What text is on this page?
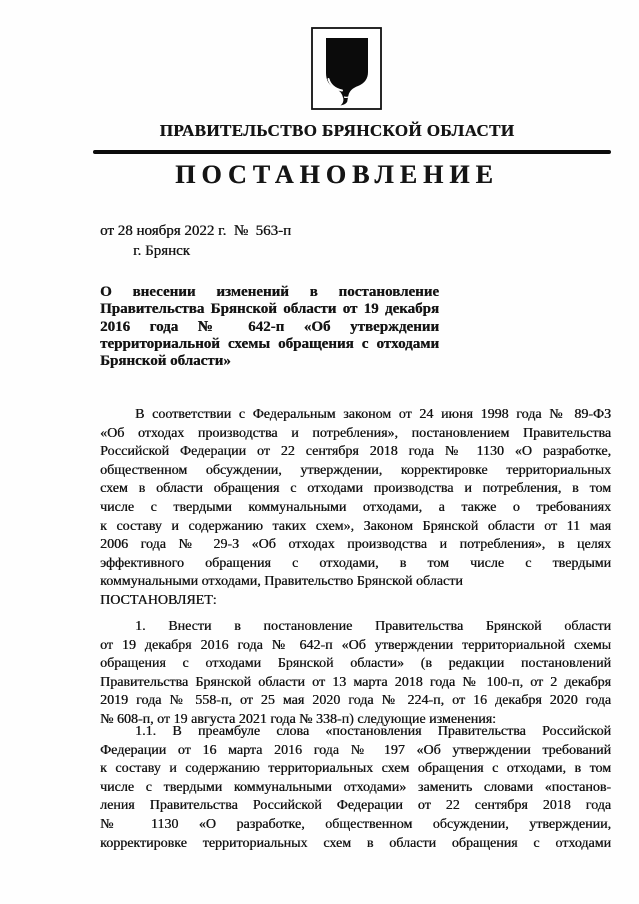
ПРАВИТЕЛЬСТВО БРЯНСКОЙ ОБЛАСТИ
ПОСТАНОВЛЕНИЕ
от 28 ноября 2022 г.  №  563-п
г. Брянск
О внесении изменений в постановление
Правительства Брянской области от 19 декабря
2016 года № 642-п «Об утверждении
территориальной схемы обращения с отходами
Брянской области»
В соответствии с Федеральным законом от 24 июня 1998 года № 89-ФЗ
«Об отходах производства и потребления», постановлением Правительства
Российской Федерации от 22 сентября 2018 года № 1130 «О разработке,
общественном обсуждении, утверждении, корректировке территориальных
схем в области обращения с отходами производства и потребления, в том
числе с твердыми коммунальными отходами, а также о требованиях
к составу и содержанию таких схем», Законом Брянской области от 11 мая
2006 года № 29-З «Об отходах производства и потребления», в целях
эффективного обращения с отходами, в том числе с твердыми
коммунальными отходами, Правительство Брянской области
ПОСТАНОВЛЯЕТ:
1. Внести в постановление Правительства Брянской области
от 19 декабря 2016 года № 642-п «Об утверждении территориальной схемы
обращения с отходами Брянской области» (в редакции постановлений
Правительства Брянской области от 13 марта 2018 года № 100-п, от 2 декабря
2019 года № 558-п, от 25 мая 2020 года № 224-п, от 16 декабря 2020 года
№ 608-п, от 19 августа 2021 года № 338-п) следующие изменения:
1.1. В преамбуле слова «постановления Правительства Российской
Федерации от 16 марта 2016 года № 197 «Об утверждении требований
к составу и содержанию территориальных схем обращения с отходами, в том
числе с твердыми коммунальными отходами» заменить словами «постанов-
ления Правительства Российской Федерации от 22 сентября 2018 года
№ 1130 «О разработке, общественном обсуждении, утверждении,
корректировке территориальных схем в области обращения с отходами
